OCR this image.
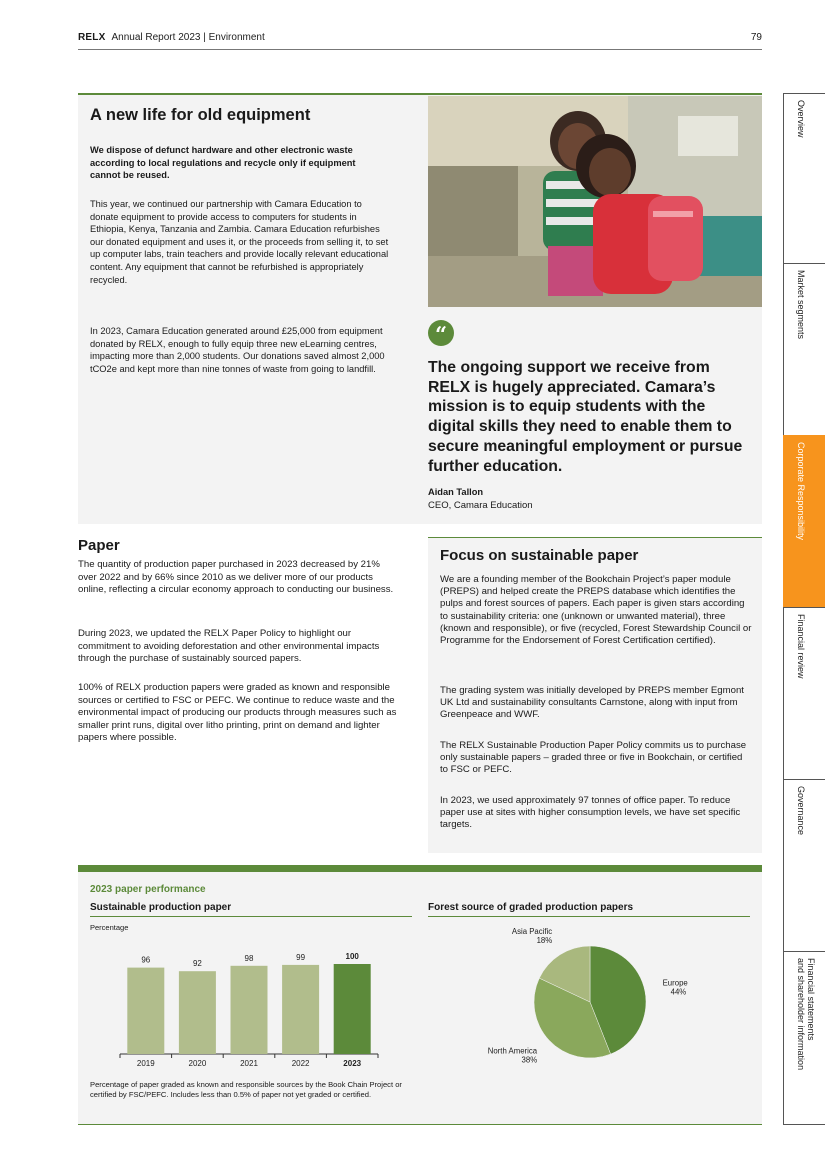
RELX Annual Report 2023 | Environment	79
Overview
Market segments
Corporate Responsibility
Financial review
Governance
Financial statements
and shareholder information
A new life for old equipment
We dispose of defunct hardware and other electronic waste according to local regulations and recycle only if equipment cannot be reused.
This year, we continued our partnership with Camara Education to donate equipment to provide access to computers for students in Ethiopia, Kenya, Tanzania and Zambia. Camara Education refurbishes our donated equipment and uses it, or the proceeds from selling it, to set up computer labs, train teachers and provide locally relevant educational content. Any equipment that cannot be refurbished is appropriately recycled.
In 2023, Camara Education generated around £25,000 from equipment donated by RELX, enough to fully equip three new eLearning centres, impacting more than 2,000 students. Our donations saved almost 2,000 tCO2e and kept more than nine tonnes of waste from going to landfill.
“
The ongoing support we receive from RELX is hugely appreciated. Camara’s mission is to equip students with the digital skills they need to enable them to secure meaningful employment or pursue further education.
Aidan Tallon
CEO, Camara Education
Paper
The quantity of production paper purchased in 2023 decreased by 21% over 2022 and by 66% since 2010 as we deliver more of our products online, reflecting a circular economy approach to conducting our business.
During 2023, we updated the RELX Paper Policy to highlight our commitment to avoiding deforestation and other environmental impacts through the purchase of sustainably sourced papers.
100% of RELX production papers were graded as known and responsible sources or certified to FSC or PEFC. We continue to reduce waste and the environmental impact of producing our products through measures such as smaller print runs, digital over litho printing, print on demand and lighter papers where possible.
Focus on sustainable paper
We are a founding member of the Bookchain Project’s paper module (PREPS) and helped create the PREPS database which identifies the pulps and forest sources of papers. Each paper is given stars according to sustainability criteria: one (unknown or unwanted material), three (known and responsible), or five (recycled, Forest Stewardship Council or Programme for the Endorsement of Forest Certification certified).
The grading system was initially developed by PREPS member Egmont UK Ltd and sustainability consultants Carnstone, along with input from Greenpeace and WWF.
The RELX Sustainable Production Paper Policy commits us to purchase only sustainable papers – graded three or five in Bookchain, or certified to FSC or PEFC.
In 2023, we used approximately 97 tonnes of office paper. To reduce paper use at sites with higher consumption levels, we have set specific targets.
2023 paper performance
Sustainable production paper	Forest source of graded production papers
Percentage
96
2019
92
2020
98
2021
99
2022
100
2023
Europe
44%
North America
38%
Asia Pacific
18%
Percentage of paper graded as known and responsible sources by the Book Chain Project or certified by FSC/PEFC. Includes less than 0.5% of paper not yet graded or certified.
